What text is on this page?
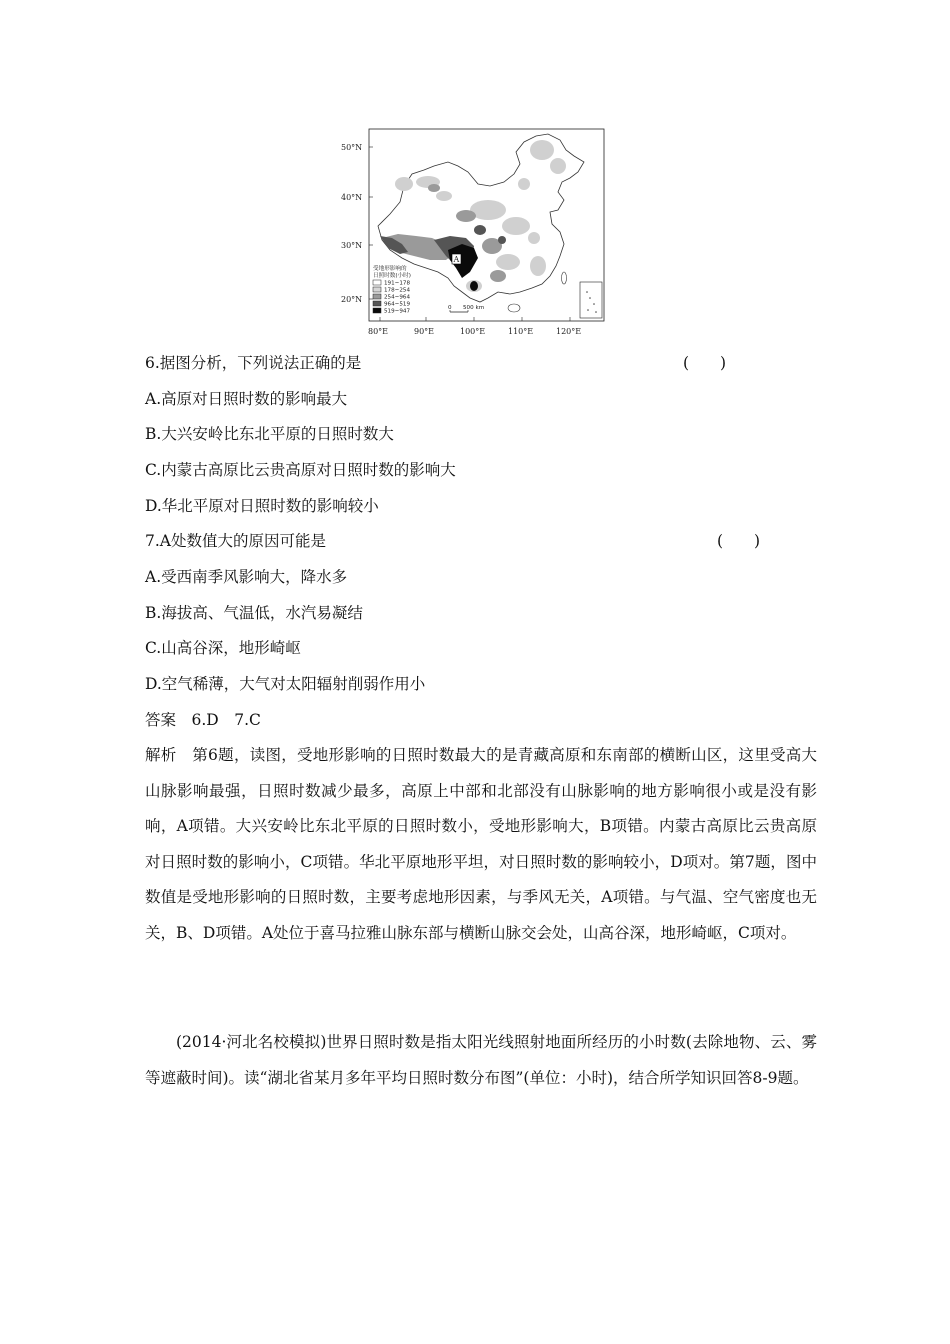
50°N
40°N
30°N
20°N
80°E	90°E	100°E	110°E	120°E
A
0 500 km
受地形影响的
日照时数(小时)
191~178
178~254
254~964
964~519
519~947
6.据图分析，下列说法正确的是	(　　)
A.高原对日照时数的影响最大
B.大兴安岭比东北平原的日照时数大
C.内蒙古高原比云贵高原对日照时数的影响大
D.华北平原对日照时数的影响较小
7.A处数值大的原因可能是	(　　)
A.受西南季风影响大，降水多
B.海拔高、气温低，水汽易凝结
C.山高谷深，地形崎岖
D.空气稀薄，大气对太阳辐射削弱作用小
答案　6.D　7.C
解析　第6题，读图，受地形影响的日照时数最大的是青藏高原和东南部的横断山区，这里受高大山脉影响最强，日照时数减少最多，高原上中部和北部没有山脉影响的地方影响很小或是没有影响，A项错。大兴安岭比东北平原的日照时数小，受地形影响大，B项错。内蒙古高原比云贵高原对日照时数的影响小，C项错。华北平原地形平坦，对日照时数的影响较小，D项对。第7题，图中数值是受地形影响的日照时数，主要考虑地形因素，与季风无关，A项错。与气温、空气密度也无关，B、D项错。A处位于喜马拉雅山脉东部与横断山脉交会处，山高谷深，地形崎岖，C项对。
(2014·河北名校模拟)世界日照时数是指太阳光线照射地面所经历的小时数(去除地物、云、雾等遮蔽时间)。读“湖北省某月多年平均日照时数分布图”(单位：小时)，结合所学知识回答8-9题。
